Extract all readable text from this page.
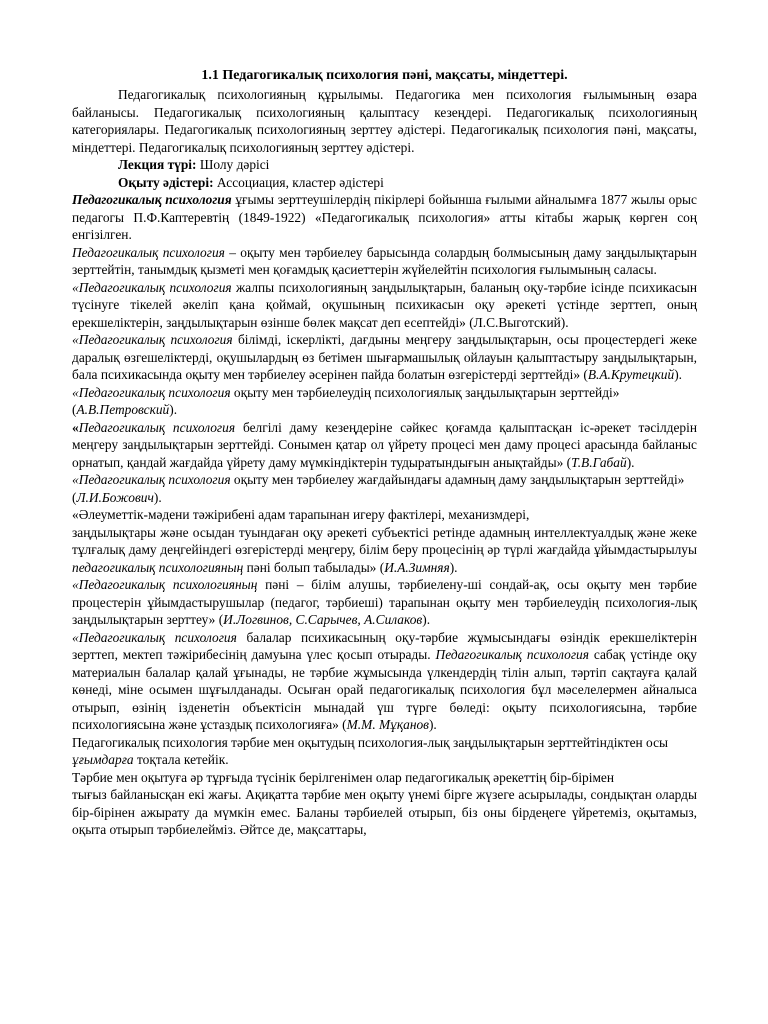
1.1 Педагогикалық психология пәні, мақсаты, міндеттері.

Педагогикалық психологияның құрылымы. Педагогика мен психология ғылымының өзара байланысы. Педагогикалық психологияның қалыптасу кезеңдері. Педагогикалық психологияның категориялары. Педагогикалық психологияның зерттеу әдістері. Педагогикалық психология пәні, мақсаты, міндеттері. Педагогикалық психологияның зерттеу әдістері.

Лекция түрі: Шолу дәрісі

Оқыту әдістері: Ассоциация, кластер әдістері

Педагогикалық психология ұғымы зерттеушілердің пікірлері бойынша ғылыми айналымға 1877 жылы орыс педагогы П.Ф.Каптеревтің (1849-1922) «Педагогикалық психология» атты кітабы жарық көрген соң енгізілген.

Педагогикалық психология – оқыту мен тәрбиелеу барысында солардың болмысының даму заңдылықтарын зерттейтін, танымдық қызметі мен қоғамдық қасиеттерін жүйелейтін психология ғылымының саласы.

«Педагогикалық психология жалпы психологияның заңдылықтарын, баланың оқу-тәрбие ісінде психикасын түсінуге тікелей әкеліп қана қоймай, оқушының психикасын оқу әрекеті үстінде зерттеп, оның ерекшеліктерін, заңдылықтарын өзінше бөлек мақсат деп есептейді» (Л.С.Выготский).

«Педагогикалық психология білімді, іскерлікті, дағдыны меңгеру заңдылықтарын, осы процестердегі жеке даралық өзгешеліктерді, оқушылардың өз бетімен шығармашылық ойлауын қалыптастыру заңдылықтарын, бала психикасында оқыту мен тәрбиелеу әсерінен пайда болатын өзгерістерді зерттейді» (В.А.Крутецкий).

«Педагогикалық психология оқыту мен тәрбиелеудің психологиялық заңдылықтарын зерттейді» (А.В.Петровский).

«Педагогикалық психология белгілі даму кезеңдеріне сәйкес қоғамда қалыптасқан іс-әрекет тәсілдерін меңгеру заңдылықтарын зерттейді. Сонымен қатар ол үйрету процесі мен даму процесі арасында байланыс орнатып, қандай жағдайда үйрету даму мүмкіндіктерін тудыратындығын анықтайды» (Т.В.Габай).

«Педагогикалық психология оқыту мен тәрбиелеу жағдайындағы адамның даму заңдылықтарын зерттейді» (Л.И.Божович).

«Әлеуметтік-мәдени тәжірибені адам тарапынан игеру фактілері, механизмдері,

заңдылықтары және осыдан туындаған оқу әрекеті субъектісі ретінде адамның интеллектуалдық және жеке тұлғалық даму деңгейіндегі өзгерістерді меңгеру, білім беру процесінің әр түрлі жағдайда ұйымдастырылуы педагогикалық психологияның пәні болып табылады» (И.А.Зимняя).

«Педагогикалық психологияның пәні – білім алушы, тәрбиелену-ші сондай-ақ, осы оқыту мен тәрбие процестерін ұйымдастырушылар (педагог, тәрбиеші) тарапынан оқыту мен тәрбиелеудің психология-лық заңдылықтарын зерттеу» (И.Логвинов, С.Сарычев, А.Силаков).

«Педагогикалық психология балалар психикасының оқу-тәрбие жұмысындағы өзіндік ерекшеліктерін зерттеп, мектеп тәжірибесінің дамуына үлес қосып отырады. Педагогикалық психология сабақ үстінде оқу материалын балалар қалай ұғынады, не тәрбие жұмысында үлкендердің тілін алып, тәртіп сақтауға қалай көнеді, міне осымен шұғылданады. Осыған орай педагогикалық психология бұл мәселелермен айналыса отырып, өзінің ізденетін объектісін мынадай үш түрге бөледі: оқыту психологиясына, тәрбие психологиясына және ұстаздық психологияға» (М.М. Мұқанов).

Педагогикалық психология тәрбие мен оқытудың психология-лық заңдылықтарын зерттейтіндіктен осы ұғымдарға тоқтала кетейік.

Тәрбие мен оқытуға әр тұрғыда түсінік берілгенімен олар педагогикалық әрекеттің бір-бірімен

тығыз байланысқан екі жағы. Ақиқатта тәрбие мен оқыту үнемі бірге жүзеге асырылады, сондықтан оларды бір-бірінен ажырату да мүмкін емес. Баланы тәрбиелей отырып, біз оны бірдеңеге үйретеміз, оқытамыз, оқыта отырып тәрбиелейміз. Әйтсе де, мақсаттары,
